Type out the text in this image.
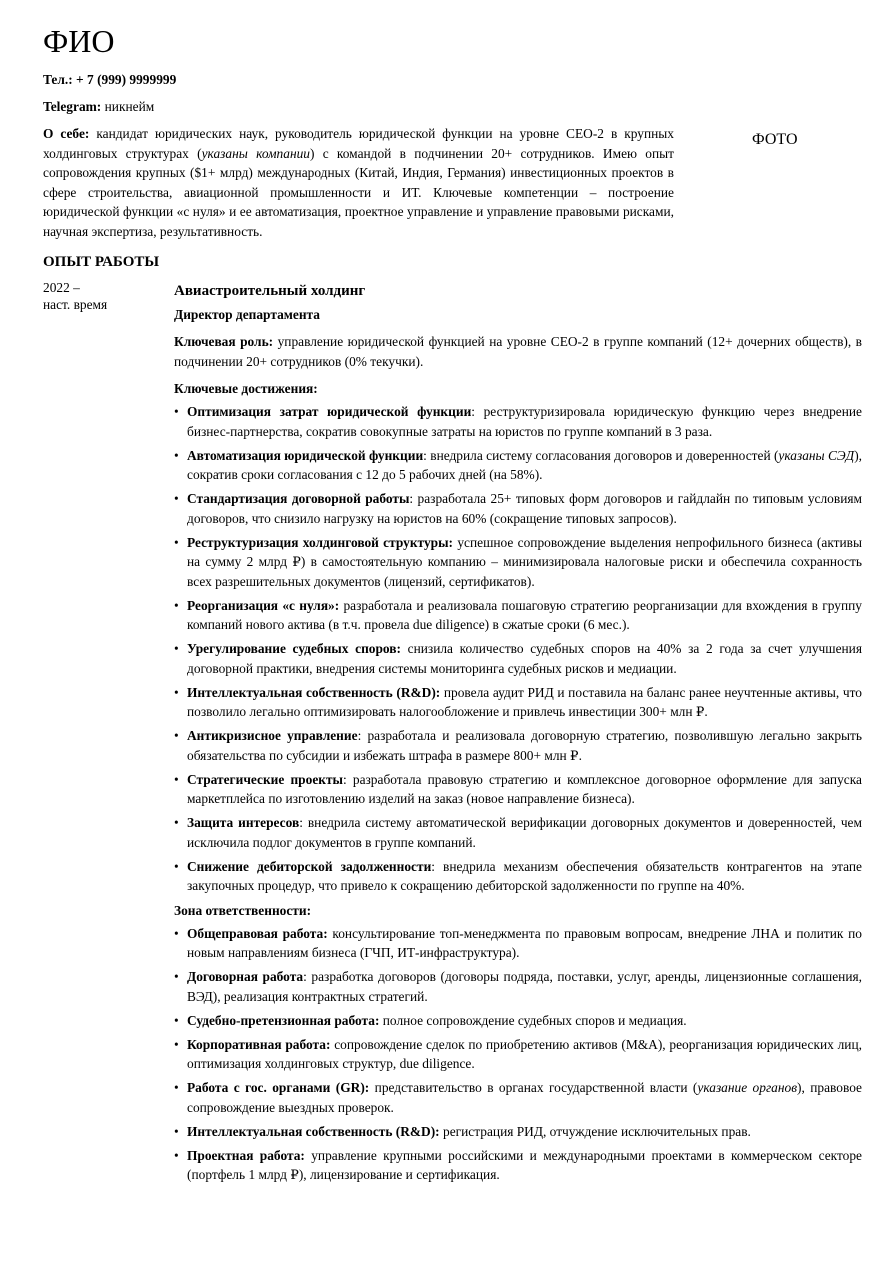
ФИО
Тел.: + 7 (999) 9999999
Telegram: никнейм

О себе: кандидат юридических наук, руководитель юридической функции на уровне CEO-2 в крупных холдинговых структурах (указаны компании) с командой в подчинении 20+ сотрудников. Имею опыт сопровождения крупных ($1+ млрд) международных (Китай, Индия, Германия) инвестиционных проектов в сфере строительства, авиационной промышленности и ИТ. Ключевые компетенции – построение юридической функции «с нуля» и ее автоматизация, проектное управление и управление правовыми рисками, научная экспертиза, результативность.

ФОТО
ОПЫТ РАБОТЫ
2022 –
наст. время
Авиастроительный холдинг
Директор департамента

Ключевая роль: управление юридической функцией на уровне CEO-2 в группе компаний (12+ дочерних обществ), в подчинении 20+ сотрудников (0% текучки).

Ключевые достижения:
• Оптимизация затрат юридической функции: реструктуризировала юридическую функцию через внедрение бизнес-партнерства, сократив совокупные затраты на юристов по группе компаний в 3 раза.
• Автоматизация юридической функции: внедрила систему согласования договоров и доверенностей (указаны СЭД), сократив сроки согласования с 12 до 5 рабочих дней (на 58%).
• Стандартизация договорной работы: разработала 25+ типовых форм договоров и гайдлайн по типовым условиям договоров, что снизило нагрузку на юристов на 60% (сокращение типовых запросов).
• Реструктуризация холдинговой структуры: успешное сопровождение выделения непрофильного бизнеса (активы на сумму 2 млрд ₽) в самостоятельную компанию – минимизировала налоговые риски и обеспечила сохранность всех разрешительных документов (лицензий, сертификатов).
• Реорганизация «с нуля»: разработала и реализовала пошаговую стратегию реорганизации для вхождения в группу компаний нового актива (в т.ч. провела due diligence) в сжатые сроки (6 мес.).
• Урегулирование судебных споров: снизила количество судебных споров на 40% за 2 года за счет улучшения договорной практики, внедрения системы мониторинга судебных рисков и медиации.
• Интеллектуальная собственность (R&D): провела аудит РИД и поставила на баланс ранее неучтенные активы, что позволило легально оптимизировать налогообложение и привлечь инвестиции 300+ млн ₽.
• Антикризисное управление: разработала и реализовала договорную стратегию, позволившую легально закрыть обязательства по субсидии и избежать штрафа в размере 800+ млн ₽.
• Стратегические проекты: разработала правовую стратегию и комплексное договорное оформление для запуска маркетплейса по изготовлению изделий на заказ (новое направление бизнеса).
• Защита интересов: внедрила систему автоматической верификации договорных документов и доверенностей, чем исключила подлог документов в группе компаний.
• Снижение дебиторской задолженности: внедрила механизм обеспечения обязательств контрагентов на этапе закупочных процедур, что привело к сокращению дебиторской задолженности по группе на 40%.
Зона ответственности:
• Общеправовая работа: консультирование топ-менеджмента по правовым вопросам, внедрение ЛНА и политик по новым направлениям бизнеса (ГЧП, ИТ-инфраструктура).
• Договорная работа: разработка договоров (договоры подряда, поставки, услуг, аренды, лицензионные соглашения, ВЭД), реализация контрактных стратегий.
• Судебно-претензионная работа: полное сопровождение судебных споров и медиация.
• Корпоративная работа: сопровождение сделок по приобретению активов (M&A), реорганизация юридических лиц, оптимизация холдинговых структур, due diligence.
• Работа с гос. органами (GR): представительство в органах государственной власти (указание органов), правовое сопровождение выездных проверок.
• Интеллектуальная собственность (R&D): регистрация РИД, отчуждение исключительных прав.
• Проектная работа: управление крупными российскими и международными проектами в коммерческом секторе (портфель 1 млрд ₽), лицензирование и сертификация.
